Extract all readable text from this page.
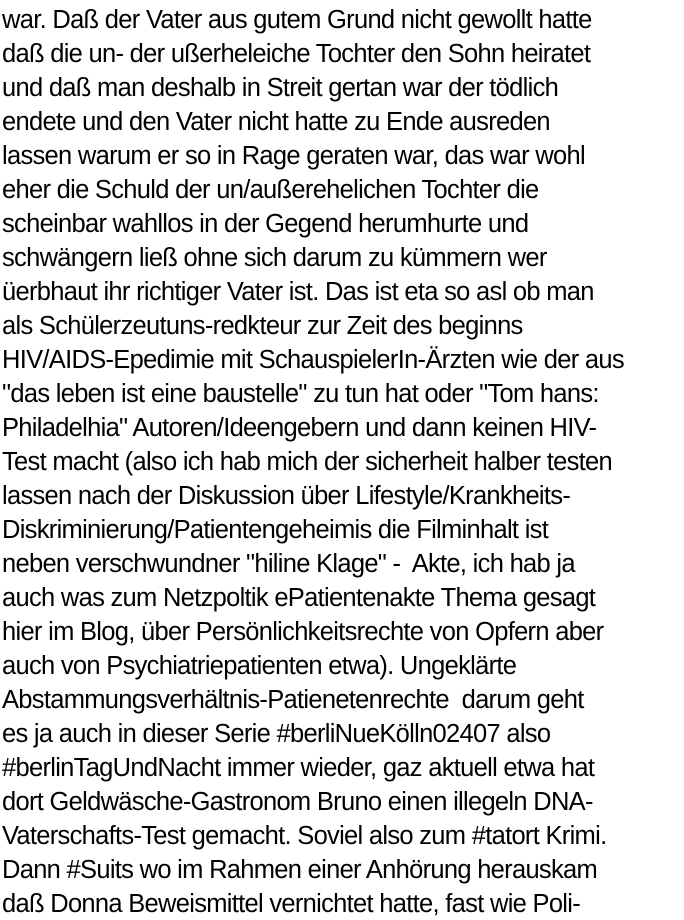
war. Daß der Vater aus gutem Grund nicht gewollt hatte
daß die un- der ußerheleiche Tochter den Sohn heiratet
und daß man deshalb in Streit gertan war der tödlich
endete und den Vater nicht hatte zu Ende ausreden
lassen warum er so in Rage geraten war, das war wohl
eher die Schuld der un/außerehelichen Tochter die
scheinbar wahllos in der Gegend herumhurte und
schwängern ließ ohne sich darum zu kümmern wer
üerbhaut ihr richtiger Vater ist. Das ist eta so asl ob man
als Schülerzeutuns-redkteur zur Zeit des beginns
HIV/AIDS-Epedimie mit SchauspielerIn-Ärzten wie der aus
"das leben ist eine baustelle" zu tun hat oder "Tom hans:
Philadelhia" Autoren/Ideengebern und dann keinen HIV-
Test macht (also ich hab mich der sicherheit halber testen
lassen nach der Diskussion über Lifestyle/Krankheits-
Diskriminierung/Patientengeheimis die Filminhalt ist
neben verschwundner "hiline Klage" -  Akte, ich hab ja
auch was zum Netzpoltik ePatientenakte Thema gesagt
hier im Blog, über Persönlichkeitsrechte von Opfern aber
auch von Psychiatriepatienten etwa). Ungeklärte
Abstammungsverhältnis-Patienetenrechte  darum geht
es ja auch in dieser Serie #berliNueKölln02407 also
#berlinTagUndNacht immer wieder, gaz aktuell etwa hat
dort Geldwäsche-Gastronom Bruno einen illegeln DNA-
Vaterschafts-Test gemacht. Soviel also zum #tatort Krimi.
Dann #Suits wo im Rahmen einer Anhörung herauskam
daß Donna Beweismittel vernichtet hatte, fast wie Poli-
